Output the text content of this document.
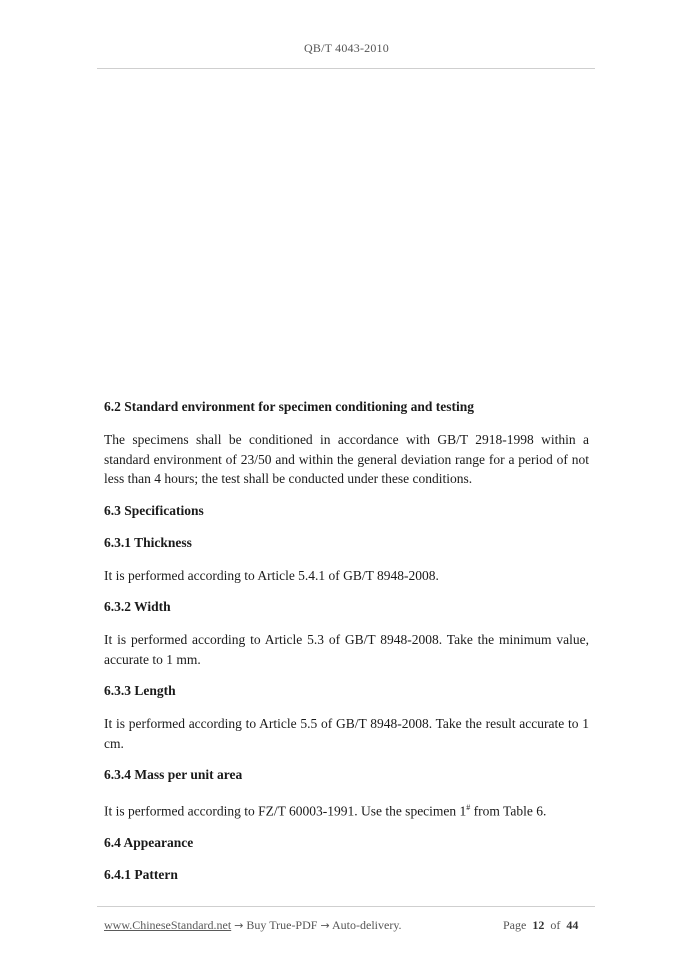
QB/T 4043-2010

6.2 Standard environment for specimen conditioning and testing

The specimens shall be conditioned in accordance with GB/T 2918-1998 within a standard environment of 23/50 and within the general deviation range for a period of not less than 4 hours; the test shall be conducted under these conditions.

6.3 Specifications

6.3.1 Thickness

It is performed according to Article 5.4.1 of GB/T 8948-2008.

6.3.2 Width

It is performed according to Article 5.3 of GB/T 8948-2008. Take the minimum value, accurate to 1 mm.

6.3.3 Length

It is performed according to Article 5.5 of GB/T 8948-2008. Take the result accurate to 1 cm.

6.3.4 Mass per unit area

It is performed according to FZ/T 60003-1991. Use the specimen 1# from Table 6.

6.4 Appearance

6.4.1 Pattern

www.ChineseStandard.net → Buy True-PDF → Auto-delivery.	Page 12 of 44
